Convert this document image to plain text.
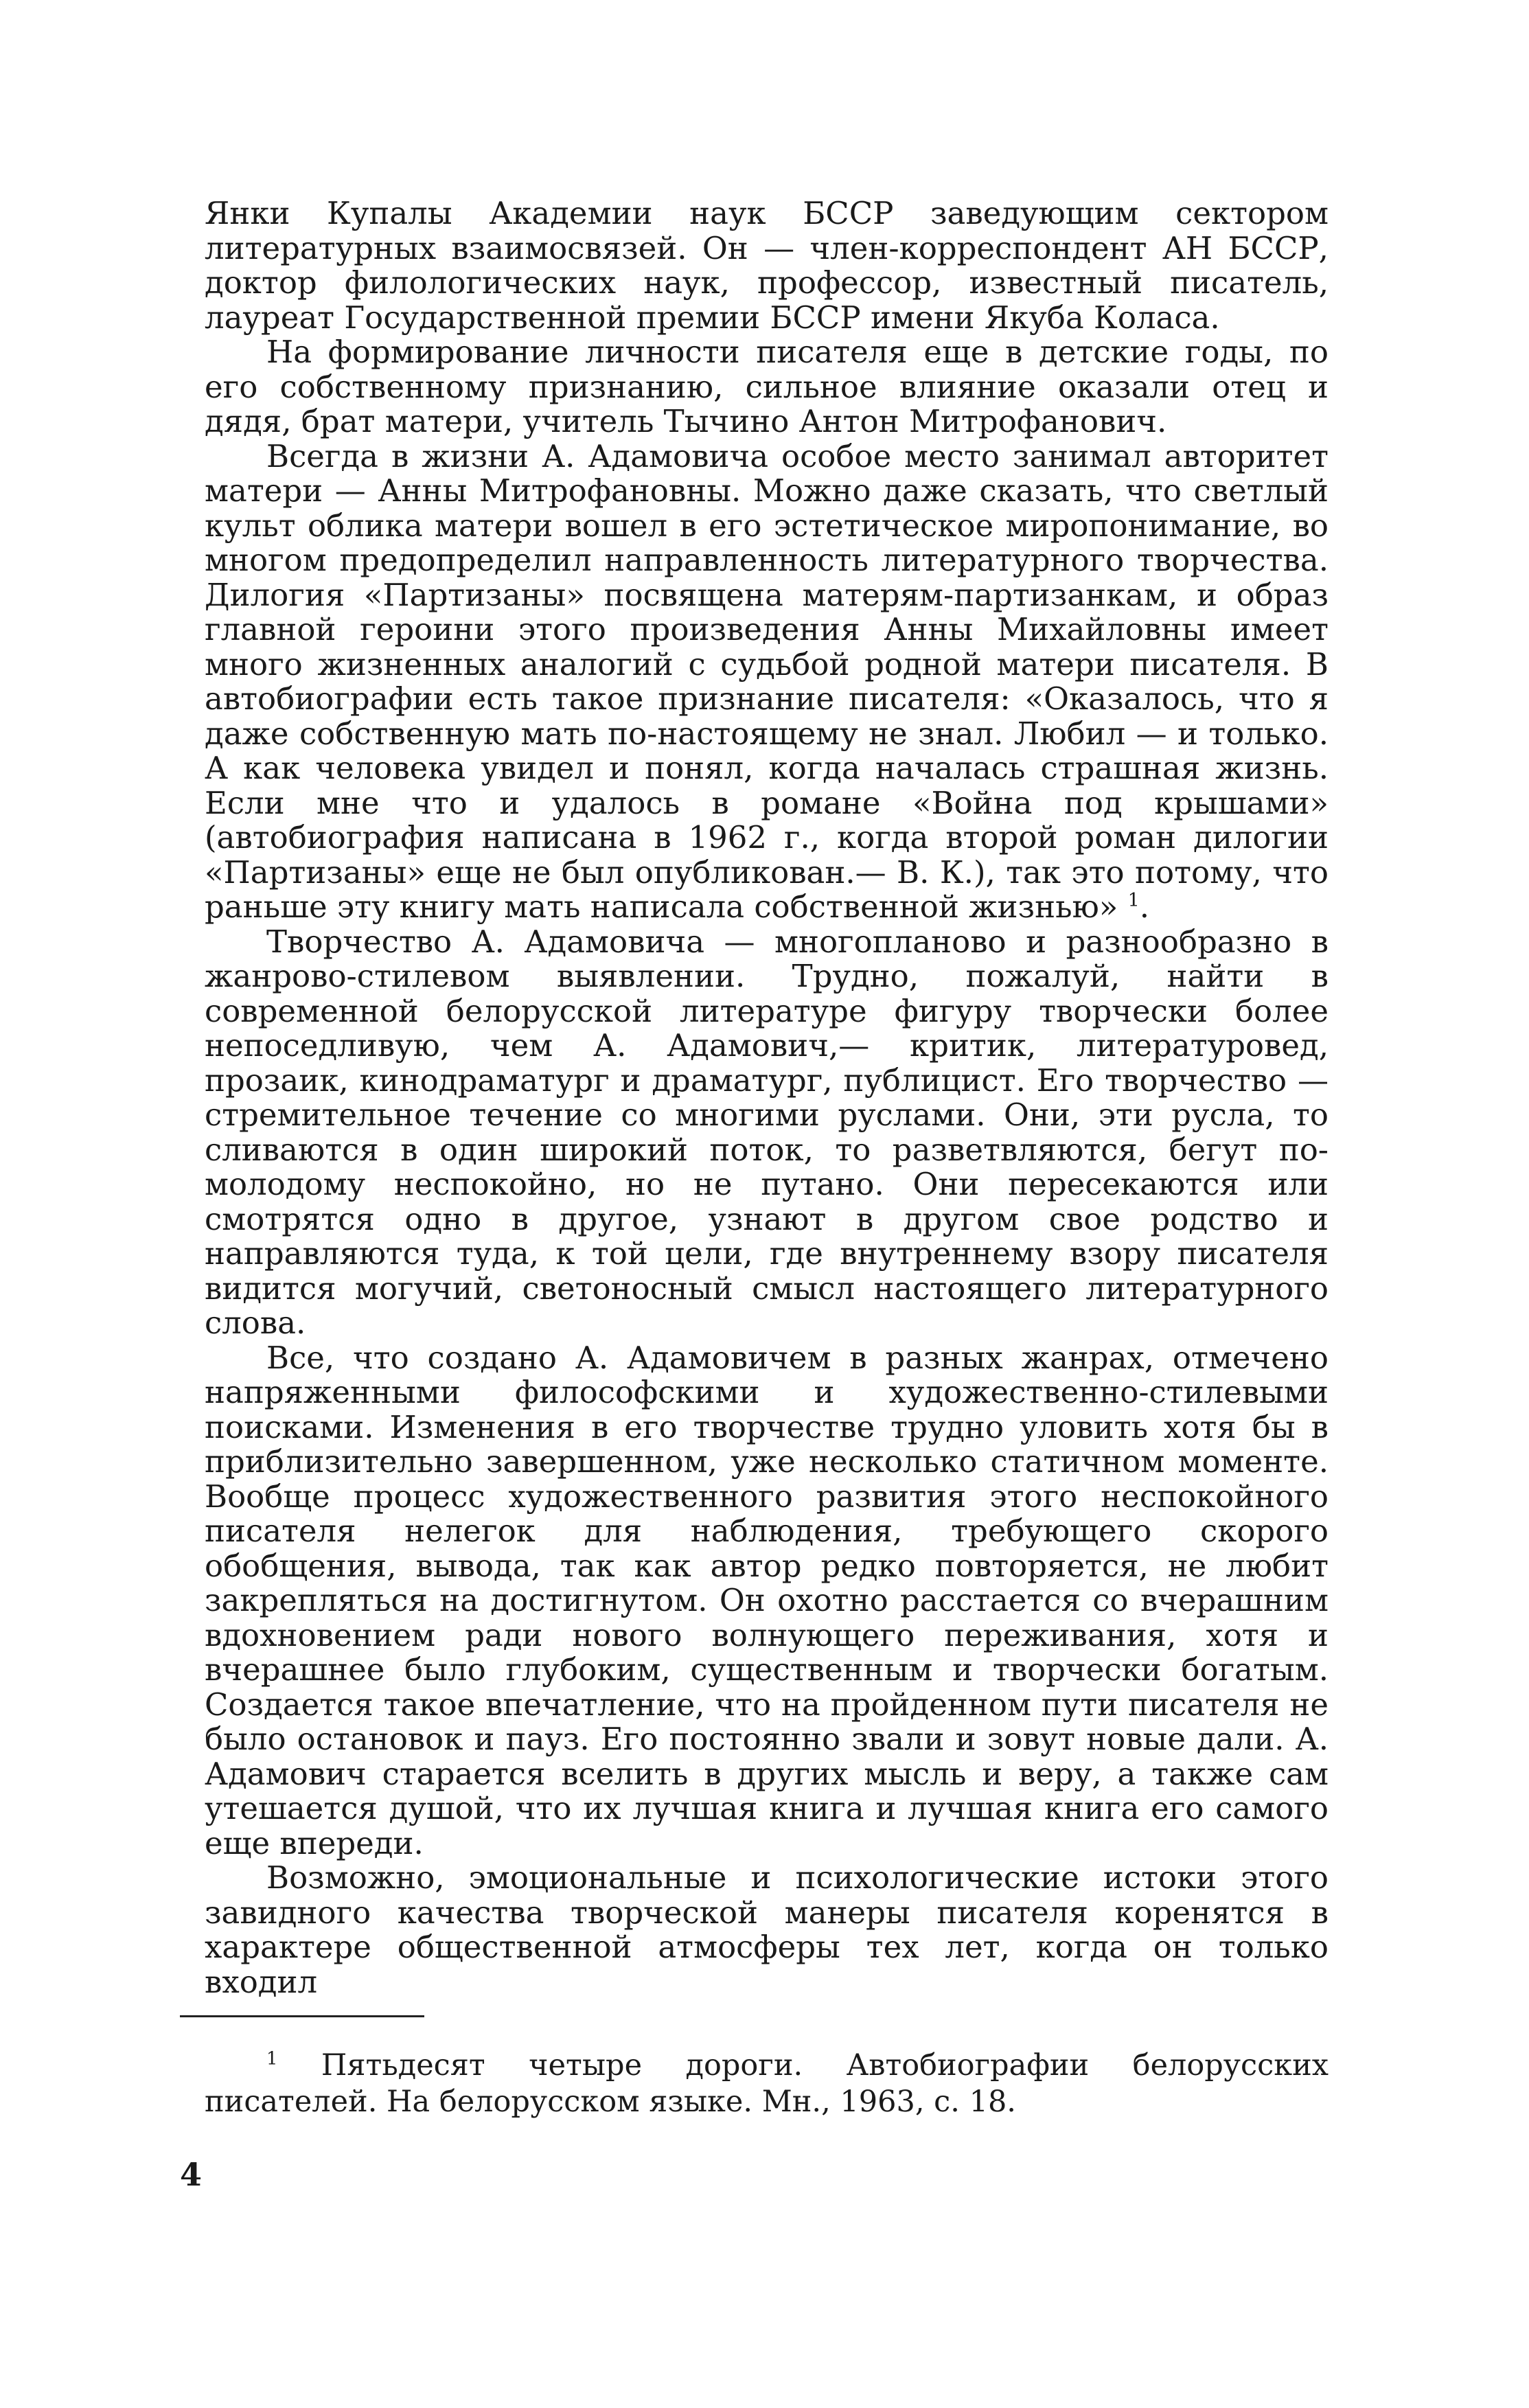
Янки Купалы Академии наук БССР заведующим сектором литературных взаимосвязей. Он — член-корреспондент АН БССР, доктор филологических наук, профессор, известный писатель, лауреат Государственной премии БССР имени Якуба Коласа.

На формирование личности писателя еще в детские годы, по его собственному признанию, сильное влияние оказали отец и дядя, брат матери, учитель Тычино Антон Митрофанович.

Всегда в жизни А. Адамовича особое место занимал авторитет матери — Анны Митрофановны. Можно даже сказать, что светлый культ облика матери вошел в его эстетическое миропонимание, во многом предопределил направленность литературного творчества. Дилогия «Партизаны» посвящена матерям-партизанкам, и образ главной героини этого произведения Анны Михайловны имеет много жизненных аналогий с судьбой родной матери писателя. В автобиографии есть такое признание писателя: «Оказалось, что я даже собственную мать по-настоящему не знал. Любил — и только. А как человека увидел и понял, когда началась страшная жизнь. Если мне что и удалось в романе «Война под крышами» (автобиография написана в 1962 г., когда второй роман дилогии «Партизаны» еще не был опубликован.— В. К.), так это потому, что раньше эту книгу мать написала собственной жизнью» $^1$.

Творчество А. Адамовича — многопланово и разнообразно в жанрово-стилевом выявлении. Трудно, пожалуй, найти в современной белорусской литературе фигуру творчески более непоседливую, чем А. Адамович,— критик, литературовед, прозаик, кинодраматург и драматург, публицист. Его творчество — стремительное течение со многими руслами. Они, эти русла, то сливаются в один широкий поток, то разветвляются, бегут по-молодому неспокойно, но не путано. Они пересекаются или смотрятся одно в другое, узнают в другом свое родство и направляются туда, к той цели, где внутреннему взору писателя видится могучий, светоносный смысл настоящего литературного слова.

Все, что создано А. Адамовичем в разных жанрах, отмечено напряженными философскими и художественно-стилевыми поисками. Изменения в его творчестве трудно уловить хотя бы в приблизительно завершенном, уже несколько статичном моменте. Вообще процесс художественного развития этого неспокойного писателя нелегок для наблюдения, требующего скорого обобщения, вывода, так как автор редко повторяется, не любит закрепляться на достигнутом. Он охотно расстается со вчерашним вдохновением ради нового волнующего переживания, хотя и вчерашнее было глубоким, существенным и творчески богатым. Создается такое впечатление, что на пройденном пути писателя не было остановок и пауз. Его постоянно звали и зовут новые дали. А. Адамович старается вселить в других мысль и веру, а также сам утешается душой, что их лучшая книга и лучшая книга его самого еще впереди.

Возможно, эмоциональные и психологические истоки этого завидного качества творческой манеры писателя коренятся в характере общественной атмосферы тех лет, когда он только входил

$^1$ Пятьдесят четыре дороги. Автобиографии белорусских писателей. На белорусском языке. Мн., 1963, с. 18.
4
